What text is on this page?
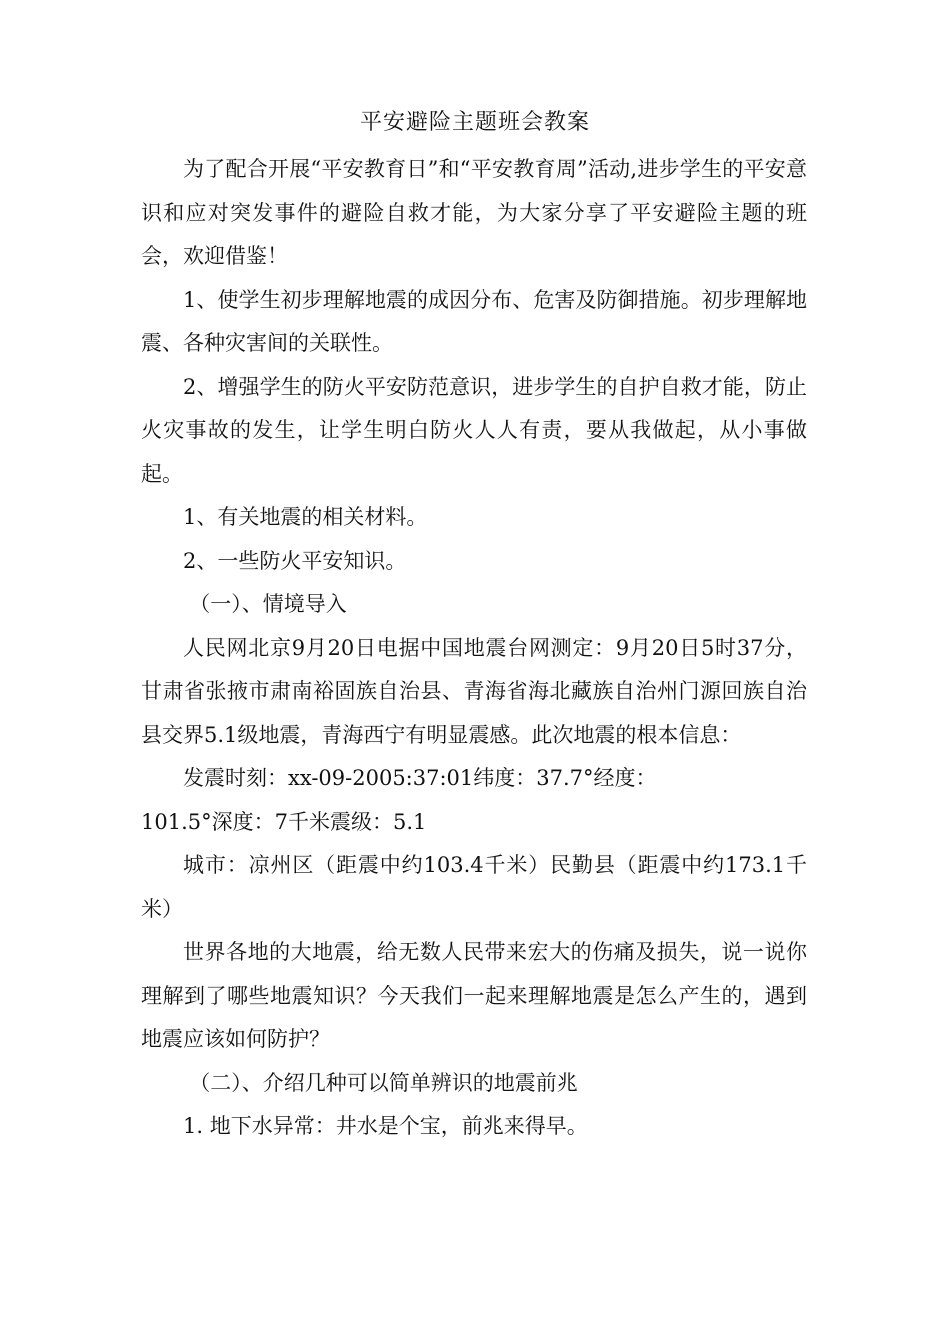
平安避险主题班会教案

为了配合开展“平安教育日”和“平安教育周”活动,进步学生的平安意识和应对突发事件的避险自救才能，为大家分享了平安避险主题的班会，欢迎借鉴！

1、使学生初步理解地震的成因分布、危害及防御措施。初步理解地震、各种灾害间的关联性。

2、增强学生的防火平安防范意识，进步学生的自护自救才能，防止火灾事故的发生，让学生明白防火人人有责，要从我做起，从小事做起。

1、有关地震的相关材料。

2、一些防火平安知识。

（一）、情境导入

人民网北京9月20日电据中国地震台网测定：9月20日5时37分，甘肃省张掖市肃南裕固族自治县、青海省海北藏族自治州门源回族自治县交界5.1级地震，青海西宁有明显震感。此次地震的根本信息：

发震时刻：xx-09-2005:37:01纬度：37.7°经度：

101.5°深度：7千米震级：5.1

城市：凉州区（距震中约103.4千米）民勤县（距震中约173.1千米）

世界各地的大地震，给无数人民带来宏大的伤痛及损失，说一说你理解到了哪些地震知识？今天我们一起来理解地震是怎么产生的，遇到地震应该如何防护？

（二）、介绍几种可以简单辨识的地震前兆

1. 地下水异常：井水是个宝，前兆来得早。
